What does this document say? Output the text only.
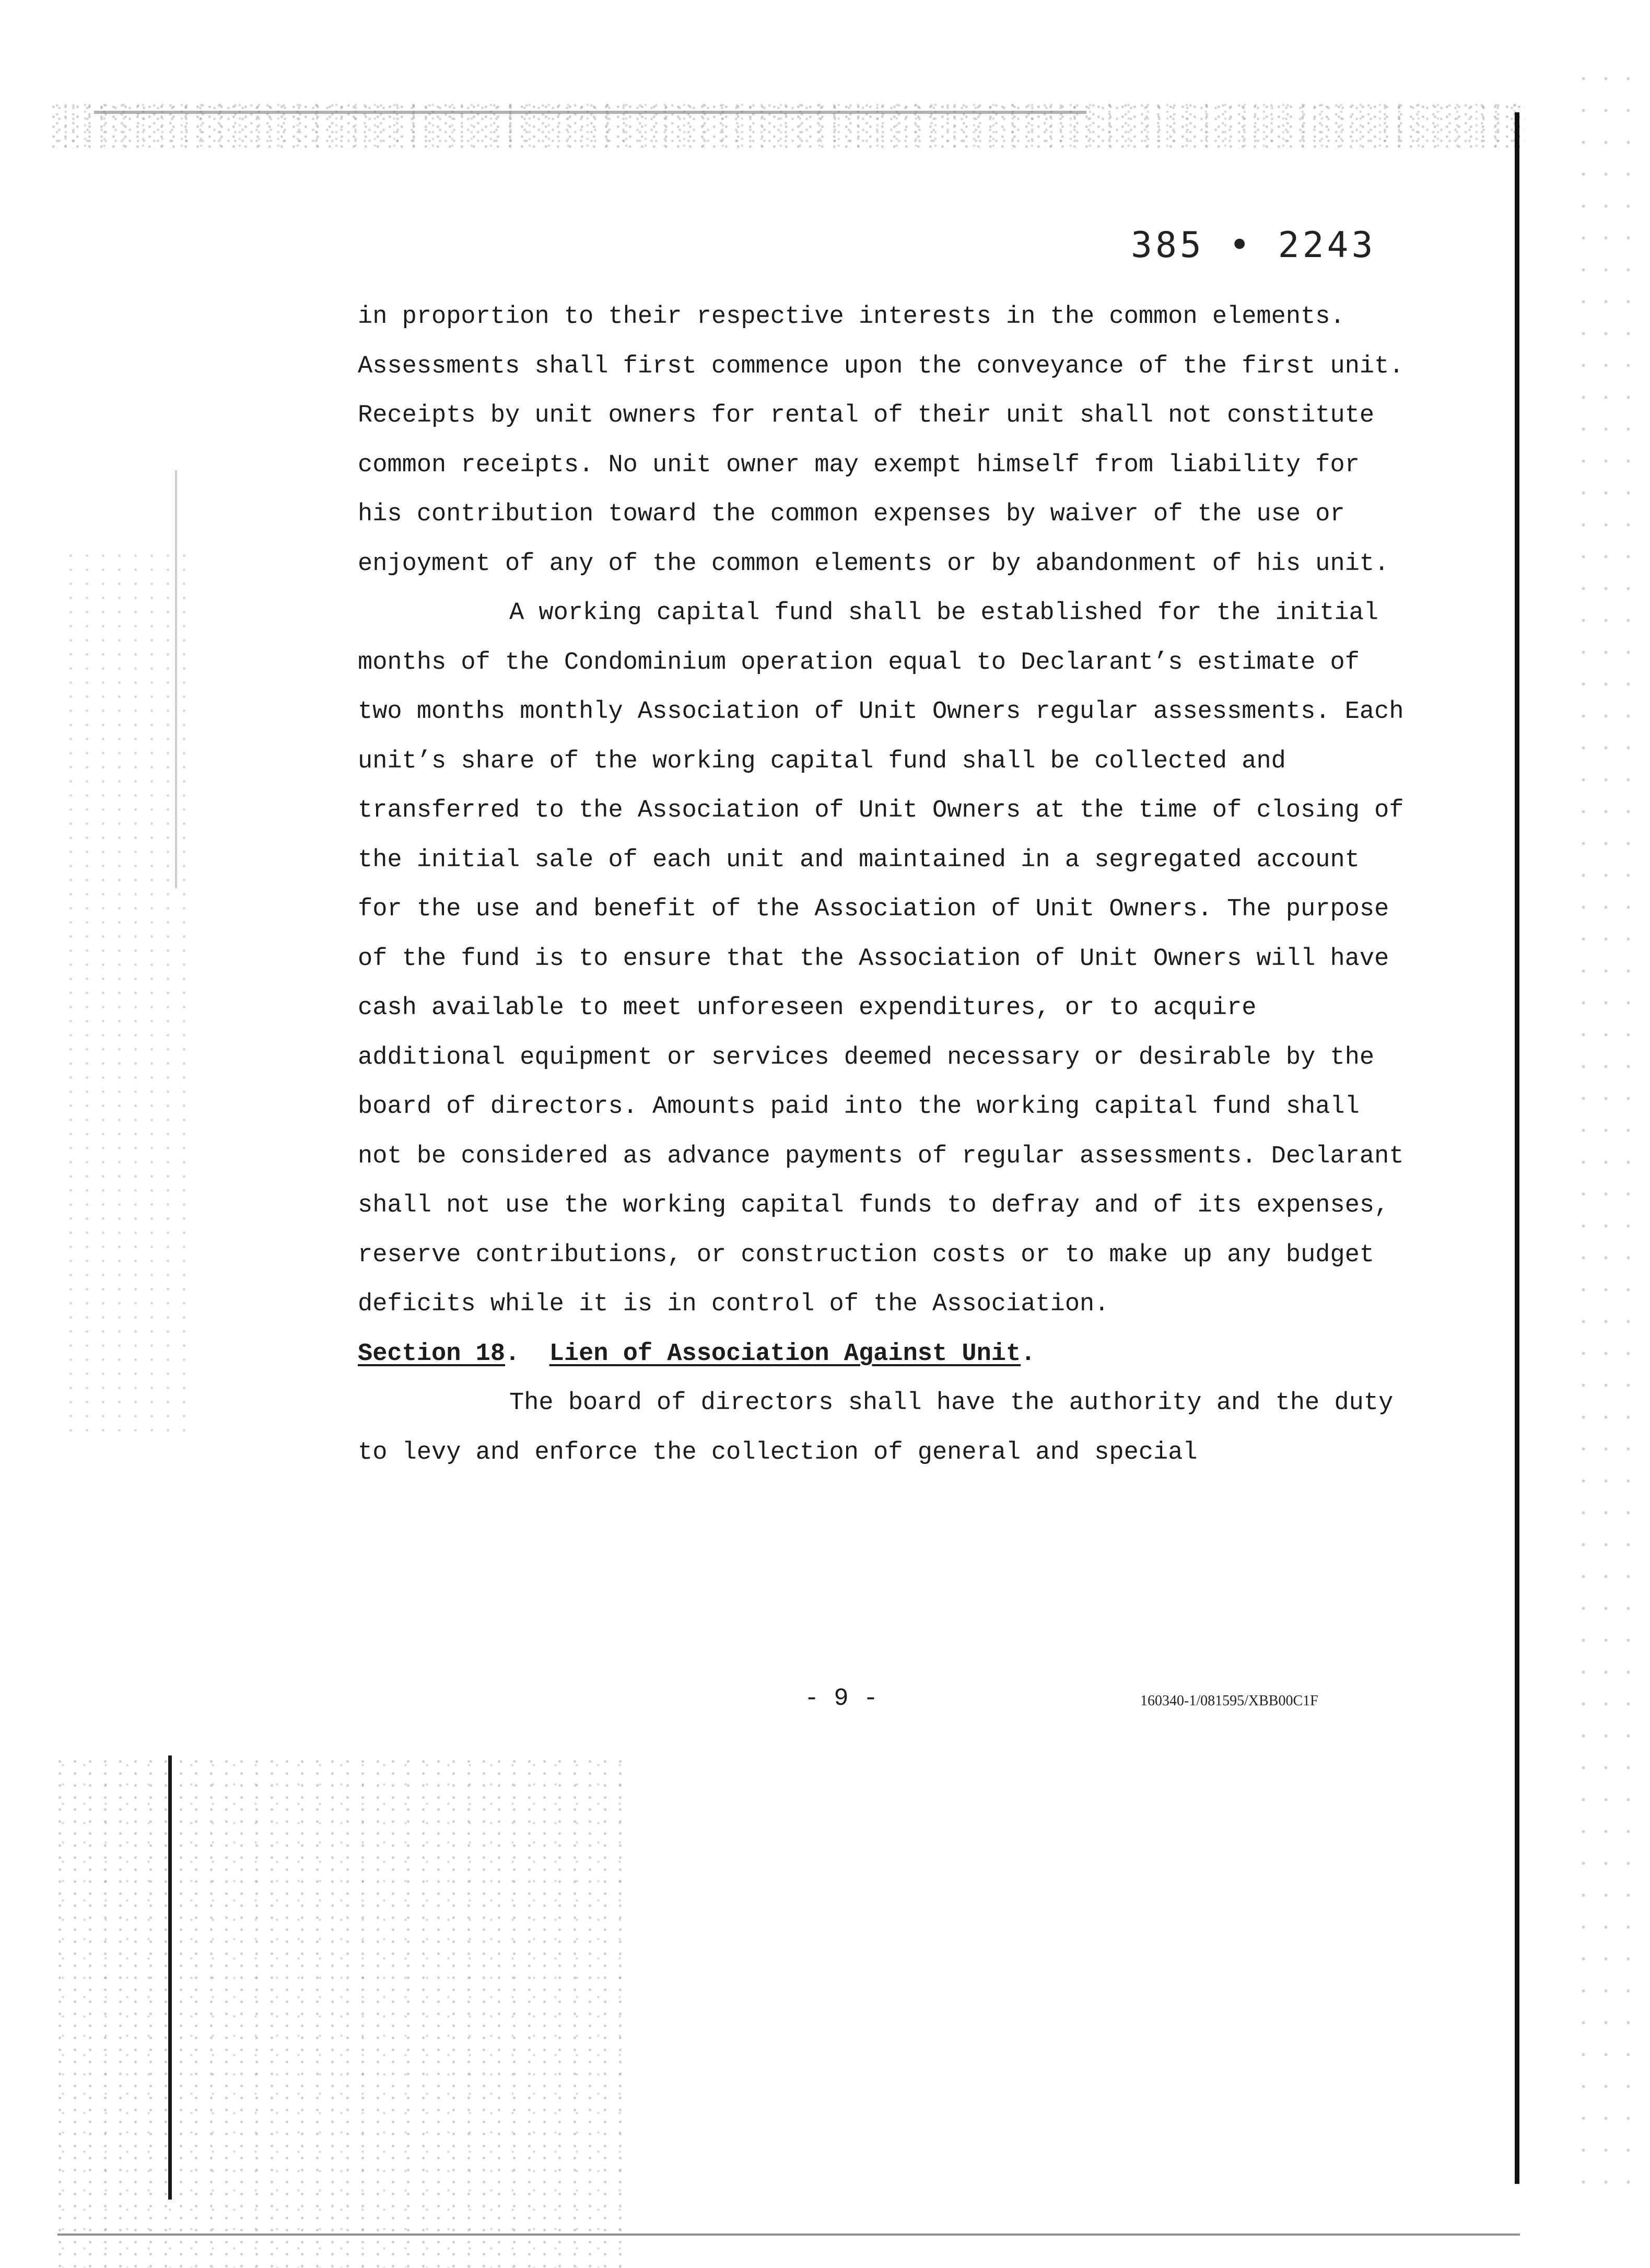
385 • 2243

in proportion to their respective interests in the common elements. Assessments shall first commence upon the conveyance of the first unit. Receipts by unit owners for rental of their unit shall not constitute common receipts. No unit owner may exempt himself from liability for his contribution toward the common expenses by waiver of the use or enjoyment of any of the common elements or by abandonment of his unit.

A working capital fund shall be established for the initial months of the Condominium operation equal to Declarant’s estimate of two months monthly Association of Unit Owners regular assessments. Each unit’s share of the working capital fund shall be collected and transferred to the Association of Unit Owners at the time of closing of the initial sale of each unit and maintained in a segregated account for the use and benefit of the Association of Unit Owners. The purpose of the fund is to ensure that the Association of Unit Owners will have cash available to meet unforeseen expenditures, or to acquire additional equipment or services deemed necessary or desirable by the board of directors. Amounts paid into the working capital fund shall not be considered as advance payments of regular assessments. Declarant shall not use the working capital funds to defray and of its expenses, reserve contributions, or construction costs or to make up any budget deficits while it is in control of the Association.

Section 18.  Lien of Association Against Unit.

The board of directors shall have the authority and the duty to levy and enforce the collection of general and special

- 9 -	160340-1/081595/XBB00C1F
